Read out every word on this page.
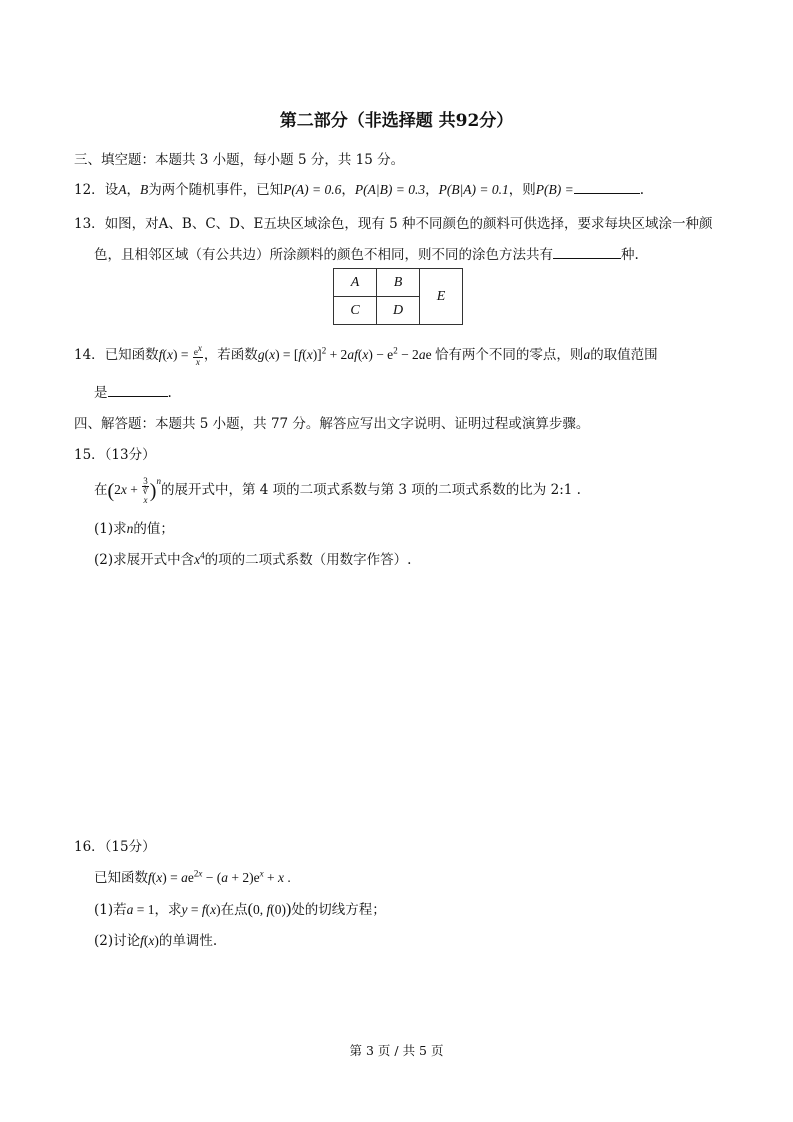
第二部分（非选择题 共92分）
三、填空题：本题共 3 小题，每小题 5 分，共 15 分。
12．设A，B为两个随机事件，已知P(A) = 0.6，P(A|B) = 0.3，P(B|A) = 0.1，则P(B) =	.
13．如图，对A、B、C、D、E五块区域涂色，现有 5 种不同颜色的颜料可供选择，要求每块区域涂一种颜
色，且相邻区域（有公共边）所涂颜料的颜色不相同，则不同的涂色方法共有	种.
A	B	E
C	D	
14．已知函数$f(x) = \frac{e^x}{x}$ ，若函数$g(x) = [f(x)]^2 + 2af(x) - e^2 - 2ae$ 恰有两个不同的零点，则a的取值范围
是	.
四、解答题：本题共 5 小题，共 77 分。解答应写出文字说明、证明过程或演算步骤。
15．（13分）
在(2x + 3
∛
x )$^n$的展开式中，第 4 项的二项式系数与第 3 项的二项式系数的比为 2:1 .
(1)求n的值；
(2)求展开式中含$x^4$的项的二项式系数（用数字作答）.
16．（15分）
已知函数$f(x) = ae^{2x} - (a + 2)e^x + x$ .
(1)若a = 1，求y = f(x)在点(0, f(0))处的切线方程；
(2)讨论f(x)的单调性.
第 3 页 / 共 5 页
